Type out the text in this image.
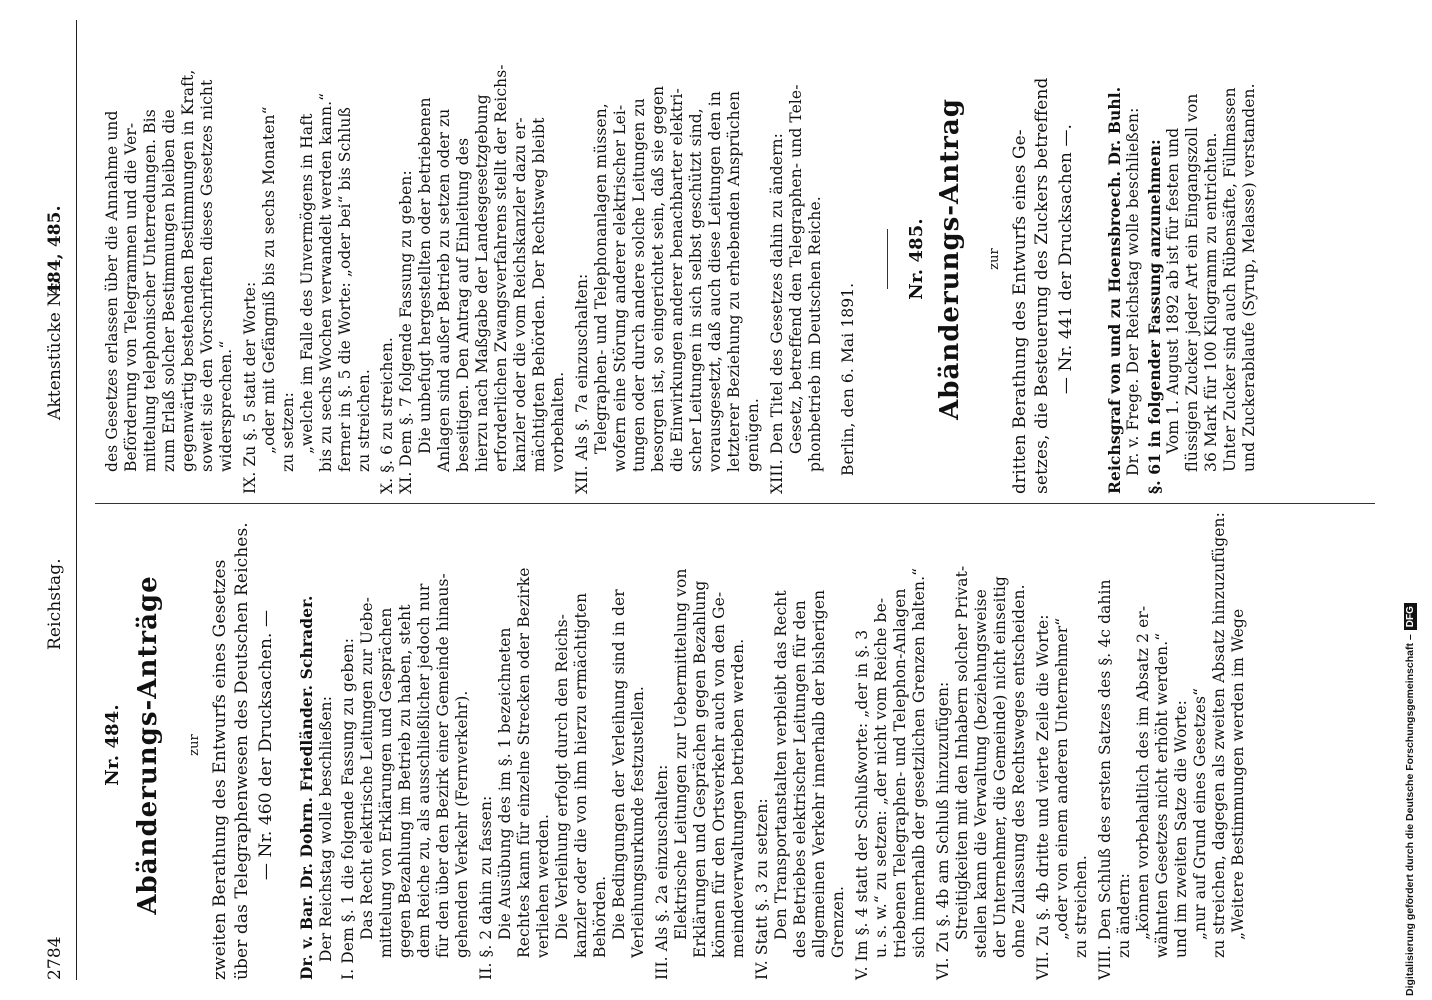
2784
Reichstag.
Aktenstücke Nr.
484, 485.
Nr. 484. Abänderungs-Anträge zur zweiten Berathung des Entwurfs eines Gesetzes über das Telegraphenwesen des Deutschen Reiches. — Nr. 460 der Drucksachen. — Dr. v. Bar. Dr. Dohrn. Friedländer. Schrader. Der Reichstag wolle beschließen: I. Dem §. 1 die folgende Fassung zu geben: Das Recht elektrische Leitungen zur Uebe- mittelung von Erklärungen und Gesprächen gegen Bezahlung im Betrieb zu haben, steht dem Reiche zu, als ausschließlicher jedoch nur für den über den Bezirk einer Gemeinde hinaus- gehenden Verkehr (Fernverkehr). II. §. 2 dahin zu fassen: Die Ausübung des im §. 1 bezeichneten Rechtes kann für einzelne Strecken oder Bezirke verliehen werden. Die Verleihung erfolgt durch den Reichs- kanzler oder die von ihm hierzu ermächtigten Behörden. Die Bedingungen der Verleihung sind in der Verleihungsurkunde festzustellen. III. Als §. 2a einzuschalten: Elektrische Leitungen zur Uebermittelung von Erklärungen und Gesprächen gegen Bezahlung können für den Ortsverkehr auch von den Ge- meindeverwaltungen betrieben werden. IV. Statt §. 3 zu setzen: Den Transportanstalten verbleibt das Recht des Betriebes elektrischer Leitungen für den allgemeinen Verkehr innerhalb der bisherigen Grenzen. V. Im §. 4 statt der Schlußworte: „der in §. 3 u. s. w.“ zu setzen: „der nicht vom Reiche be- triebenen Telegraphen- und Telephon-Anlagen sich innerhalb der gesetzlichen Grenzen halten.“ VI. Zu §. 4b am Schluß hinzuzufügen: Streitigkeiten mit den Inhabern solcher Privat- stellen kann die Verwaltung (beziehungsweise der Unternehmer, die Gemeinde) nicht einseitig ohne Zulassung des Rechtsweges entscheiden. VII. Zu §. 4b dritte und vierte Zeile die Worte: „oder von einem anderen Unternehmer“ zu streichen. VIII. Den Schluß des ersten Satzes des §. 4c dahin zu ändern: „können vorbehaltlich des im Absatz 2 er- wähnten Gesetzes nicht erhöht werden.“ und im zweiten Satze die Worte: „nur auf Grund eines Gesetzes“ zu streichen, dagegen als zweiten Absatz hinzuzufügen: „Weitere Bestimmungen werden im Wege
des Gesetzes erlassen über die Annahme und Beförderung von Telegrammen und die Ver- mittelung telephonischer Unterredungen. Bis zum Erlaß solcher Bestimmungen bleiben die gegenwärtig bestehenden Bestimmungen in Kraft, soweit sie den Vorschriften dieses Gesetzes nicht widersprechen.“ IX. Zu §. 5 statt der Worte: „oder mit Gefängniß bis zu sechs Monaten“ zu setzen: „welche im Falle des Unvermögens in Haft bis zu sechs Wochen verwandelt werden kann.“ ferner in §. 5 die Worte: „oder bei“ bis Schluß zu streichen. X. §. 6 zu streichen. XI. Dem §. 7 folgende Fassung zu geben: Die unbefugt hergestellten oder betriebenen Anlagen sind außer Betrieb zu setzen oder zu beseitigen. Den Antrag auf Einleitung des hierzu nach Maßgabe der Landesgesetzgebung erforderlichen Zwangsverfahrens stellt der Reichs- kanzler oder die vom Reichskanzler dazu er- mächtigten Behörden. Der Rechtsweg bleibt vorbehalten. XII. Als §. 7a einzuschalten: Telegraphen- und Telephonanlagen müssen, wofern eine Störung anderer elektrischer Lei- tungen oder durch andere solche Leitungen zu besorgen ist, so eingerichtet sein, daß sie gegen die Einwirkungen anderer benachbarter elektri- scher Leitungen in sich selbst geschützt sind, vorausgesetzt, daß auch diese Leitungen den in letzterer Beziehung zu erhebenden Ansprüchen genügen. XIII. Den Titel des Gesetzes dahin zu ändern: Gesetz, betreffend den Telegraphen- und Tele- phonbetrieb im Deutschen Reiche. Berlin, den 6. Mai 1891.
Nr. 485. Abänderungs-Antrag zur dritten Berathung des Entwurfs eines Ge- setzes, die Besteuerung des Zuckers betreffend — Nr. 441 der Drucksachen —. Reichsgraf von und zu Hoensbroech. Dr. Buhl. Dr. v. Frege. Der Reichstag wolle beschließen: §. 61 in folgender Fassung anzunehmen: Vom 1. August 1892 ab ist für festen und flüssigen Zucker jeder Art ein Eingangszoll von 36 Mark für 100 Kilogramm zu entrichten. Unter Zucker sind auch Rübensäfte, Füllmassen und Zuckerablaufe (Syrup, Melasse) verstanden.
Digitalisierung gefördert durch die Deutsche Forschungsgemeinschaft –DFG
